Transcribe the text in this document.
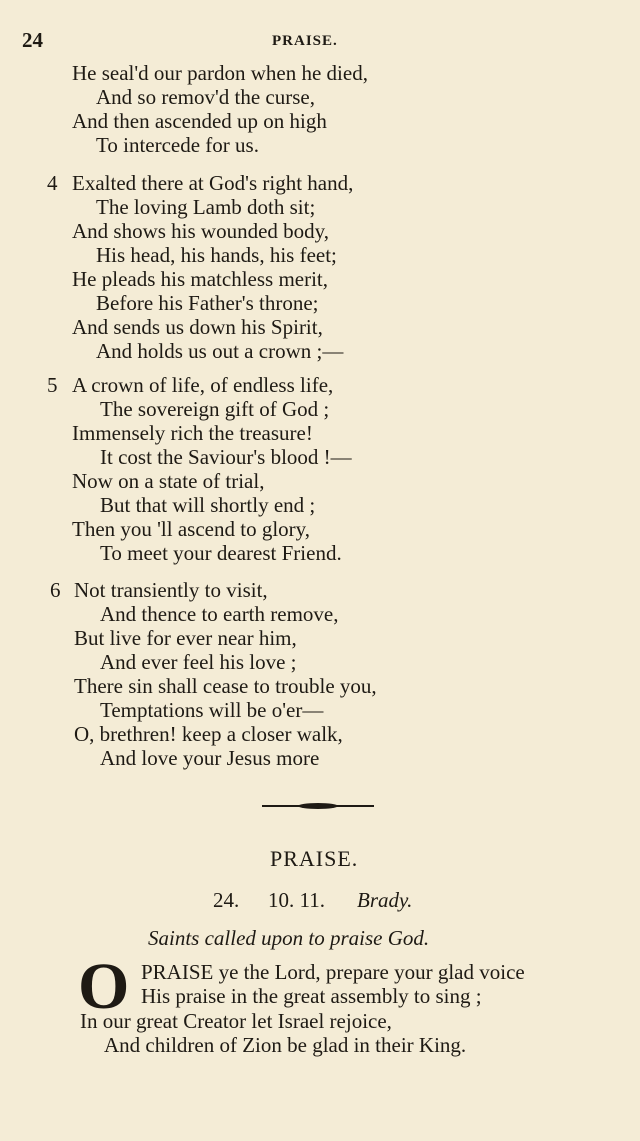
24	PRAISE.
He seal'd our pardon when he died,
And so remov'd the curse,
And then ascended up on high
To intercede for us.
4 Exalted there at God's right hand,
The loving Lamb doth sit;
And shows his wounded body,
His head, his hands, his feet;
He pleads his matchless merit,
Before his Father's throne;
And sends us down his Spirit,
And holds us out a crown ;—
5 A crown of life, of endless life,
The sovereign gift of God ;
Immensely rich the treasure!
It cost the Saviour's blood !—
Now on a state of trial,
But that will shortly end ;
Then you 'll ascend to glory,
To meet your dearest Friend.
6 Not transiently to visit,
And thence to earth remove,
But live for ever near him,
And ever feel his love ;
There sin shall cease to trouble you,
Temptations will be o'er—
O, brethren! keep a closer walk,
And love your Jesus more
PRAISE.
24. 10. 11. Brady.
Saints called upon to praise God.
O PRAISE ye the Lord, prepare your glad voice
His praise in the great assembly to sing ;
In our great Creator let Israel rejoice,
And children of Zion be glad in their King.
